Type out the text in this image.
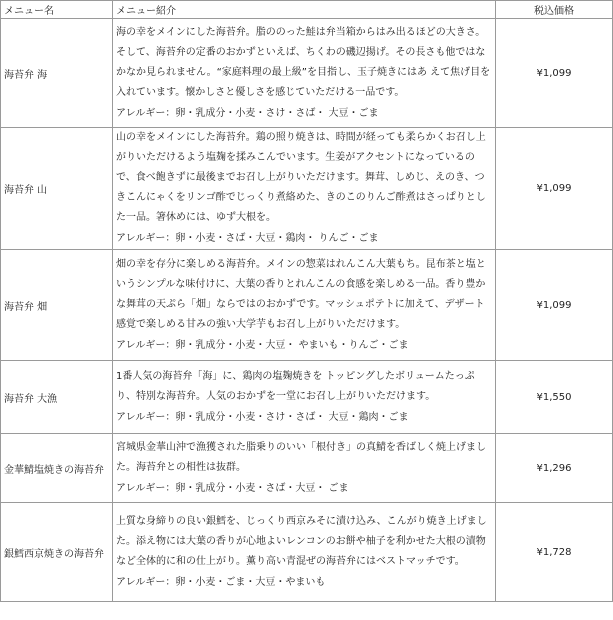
メニュー名	メニュー紹介	税込価格
海苔弁 海	海の幸をメインにした海苔弁。脂ののった鮭は弁当箱からはみ出るほどの大きさ。そして、海苔弁の定番のおかずといえば、ちくわの磯辺揚げ。その長さも他ではなかなか見られません。“家庭料理の最上級”を目指し、玉子焼きにはあ えて焦げ目を入れています。懐かしさと優しさを感じていただける一品です。
アレルギー：卵・乳成分・小麦・さけ・さば・ 大豆・ごま	¥1,099
海苔弁 山	山の幸をメインにした海苔弁。鶏の照り焼きは、時間が経っても柔らかくお召し上がりいただけるよう塩麹を揉みこんでいます。生姜がアクセントになっているので、食べ飽きずに最後までお召し上がりいただけます。舞茸、しめじ、えのき、つきこんにゃくをリンゴ酢でじっくり煮絡めた、きのこのりんご酢煮はさっぱりとした一品。箸休めには、ゆず大根を。
アレルギー：卵・小麦・さば・大豆・鶏肉・ りんご・ごま	¥1,099
海苔弁 畑	畑の幸を存分に楽しめる海苔弁。メインの惣菜はれんこん大葉もち。昆布茶と塩というシンプルな味付けに、大葉の香りとれんこんの食感を楽しめる一品。香り豊かな舞茸の天ぷら「畑」ならではのおかずです。マッシュポテトに加えて、デザート感覚で楽しめる甘みの強い大学芋もお召し上がりいただけます。
アレルギー：卵・乳成分・小麦・大豆・ やまいも・りんご・ごま	¥1,099
海苔弁 大漁	1番人気の海苔弁「海」に、鶏肉の塩麹焼きを トッピングしたボリュームたっぷり、特別な海苔弁。人気のおかずを一堂にお召し上がりいただけます。
アレルギー：卵・乳成分・小麦・さけ・さば・ 大豆・鶏肉・ごま	¥1,550
金華鯖塩焼きの海苔弁	宮城県金華山沖で漁獲された脂乗りのいい「根付き」の真鯖を香ばしく焼上げました。海苔弁との相性は抜群。
アレルギー：卵・乳成分・小麦・さば・大豆・ ごま	¥1,296
銀鱈西京焼きの海苔弁	上質な身締りの良い銀鱈を、じっくり西京みそに漬け込み、こんがり焼き上げました。添え物には大葉の香りが心地よいレンコンのお餅や柚子を利かせた大根の漬物など全体的に和の仕上がり。薫り高い青混ぜの海苔弁にはベストマッチです。
アレルギー：卵・小麦・ごま・大豆・やまいも	¥1,728
